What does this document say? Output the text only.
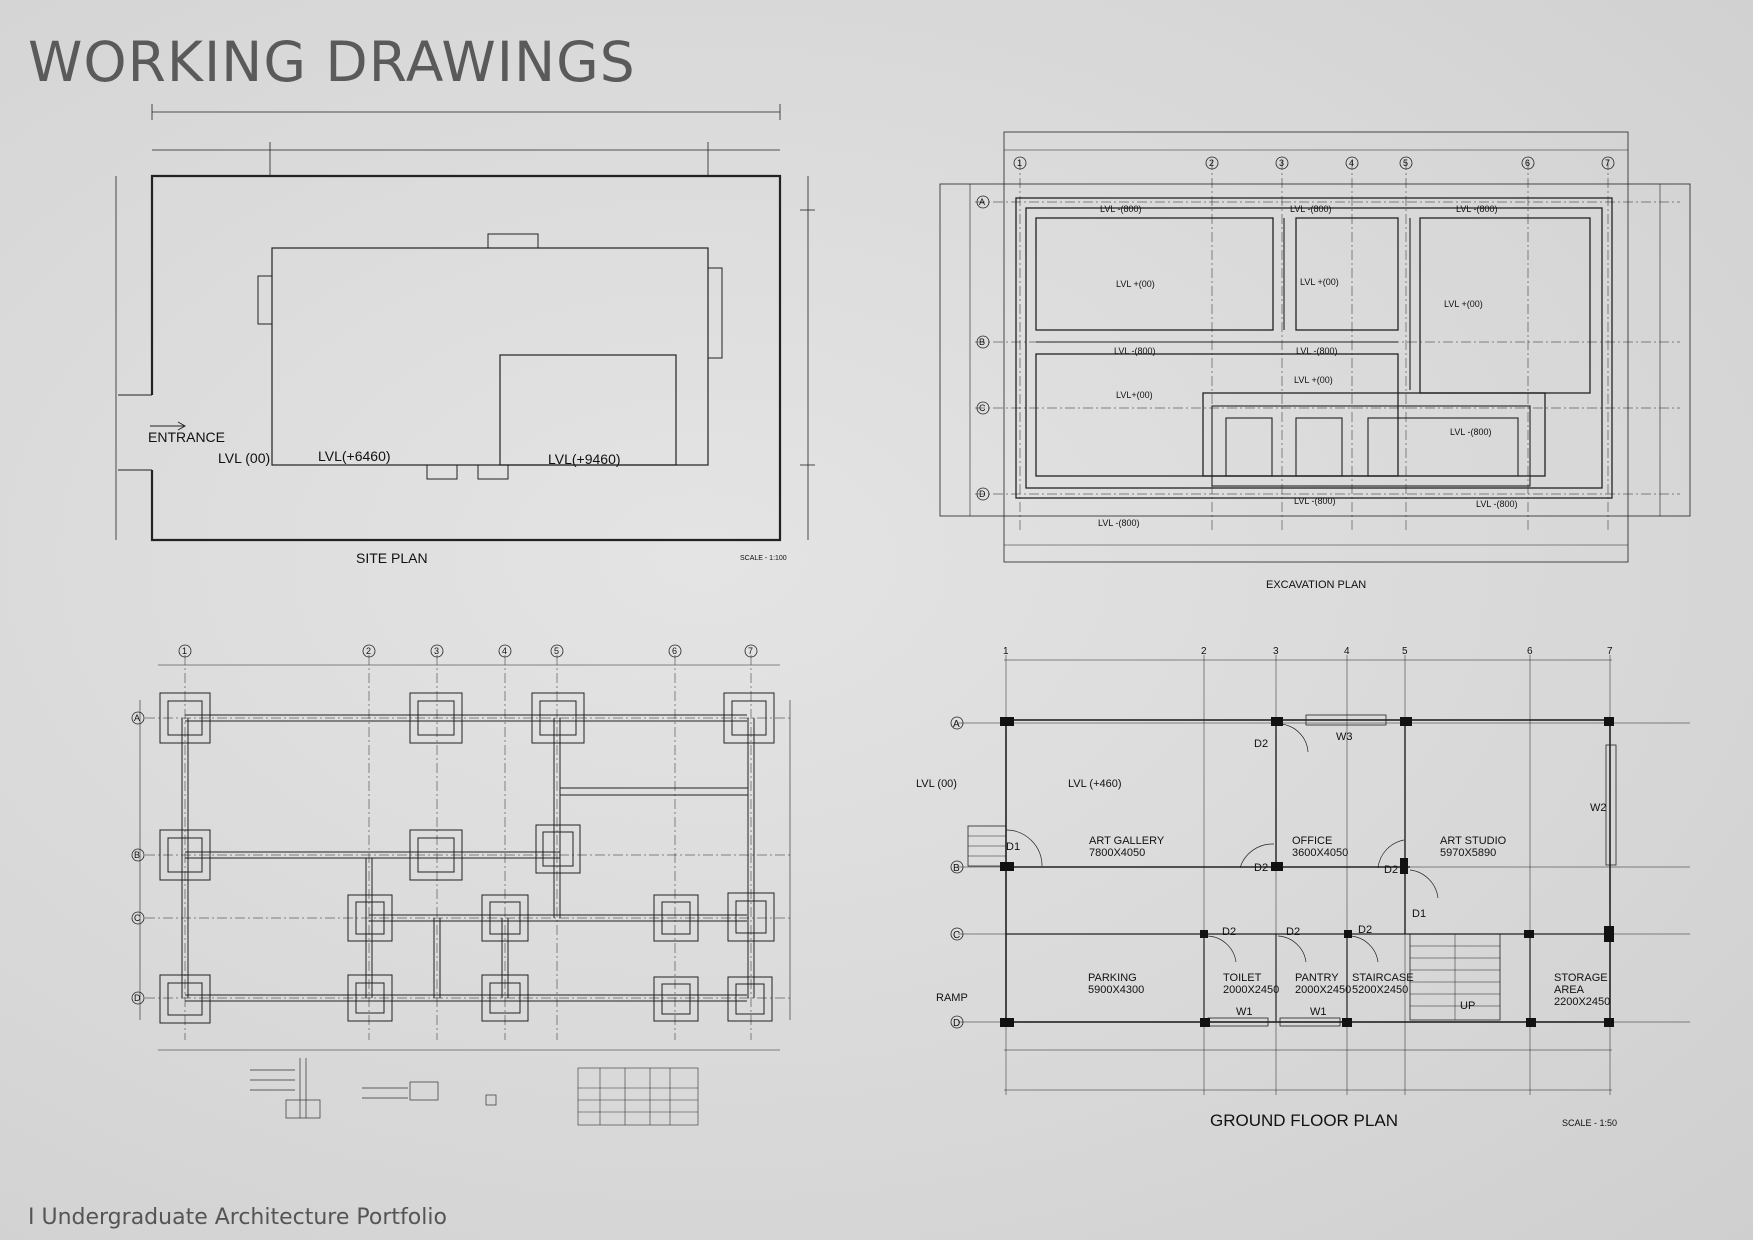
WORKING DRAWINGS
ENTRANCE
LVL (00)	LVL(+6460)	LVL(+9460)
SITE PLAN	SCALE - 1:100
1	2	3	4	5	6	7
A
B
C
D
LVL -(800)	LVL -(800)	LVL -(800)
LVL +(00)	LVL +(00)
LVL +(00)
LVL -(800)	LVL -(800)
LVL+(00)
LVL +(00)
LVL -(800)
LVL -(800)
LVL -(800)	LVL -(800)
EXCAVATION PLAN
1	2	3	4	5	6	7
A
B
C
D
1	2	3	4	5	6	7
A
B
C
D
ART GALLERY
7800X4050
OFFICE
3600X4050
ART STUDIO
5970X5890
PARKING
5900X4300
TOILET
2000X2450
PANTRY
2000X2450
STAIRCASE
5200X2450
STORAGE
AREA
2200X2450
LVL (00)	LVL (+460)
RAMP
UP
D1
D1
D2
D2	D2
D2	D2	D2
W1	W1
W2
W3
GROUND FLOOR PLAN	SCALE - 1:50
I Undergraduate Architecture Portfolio
